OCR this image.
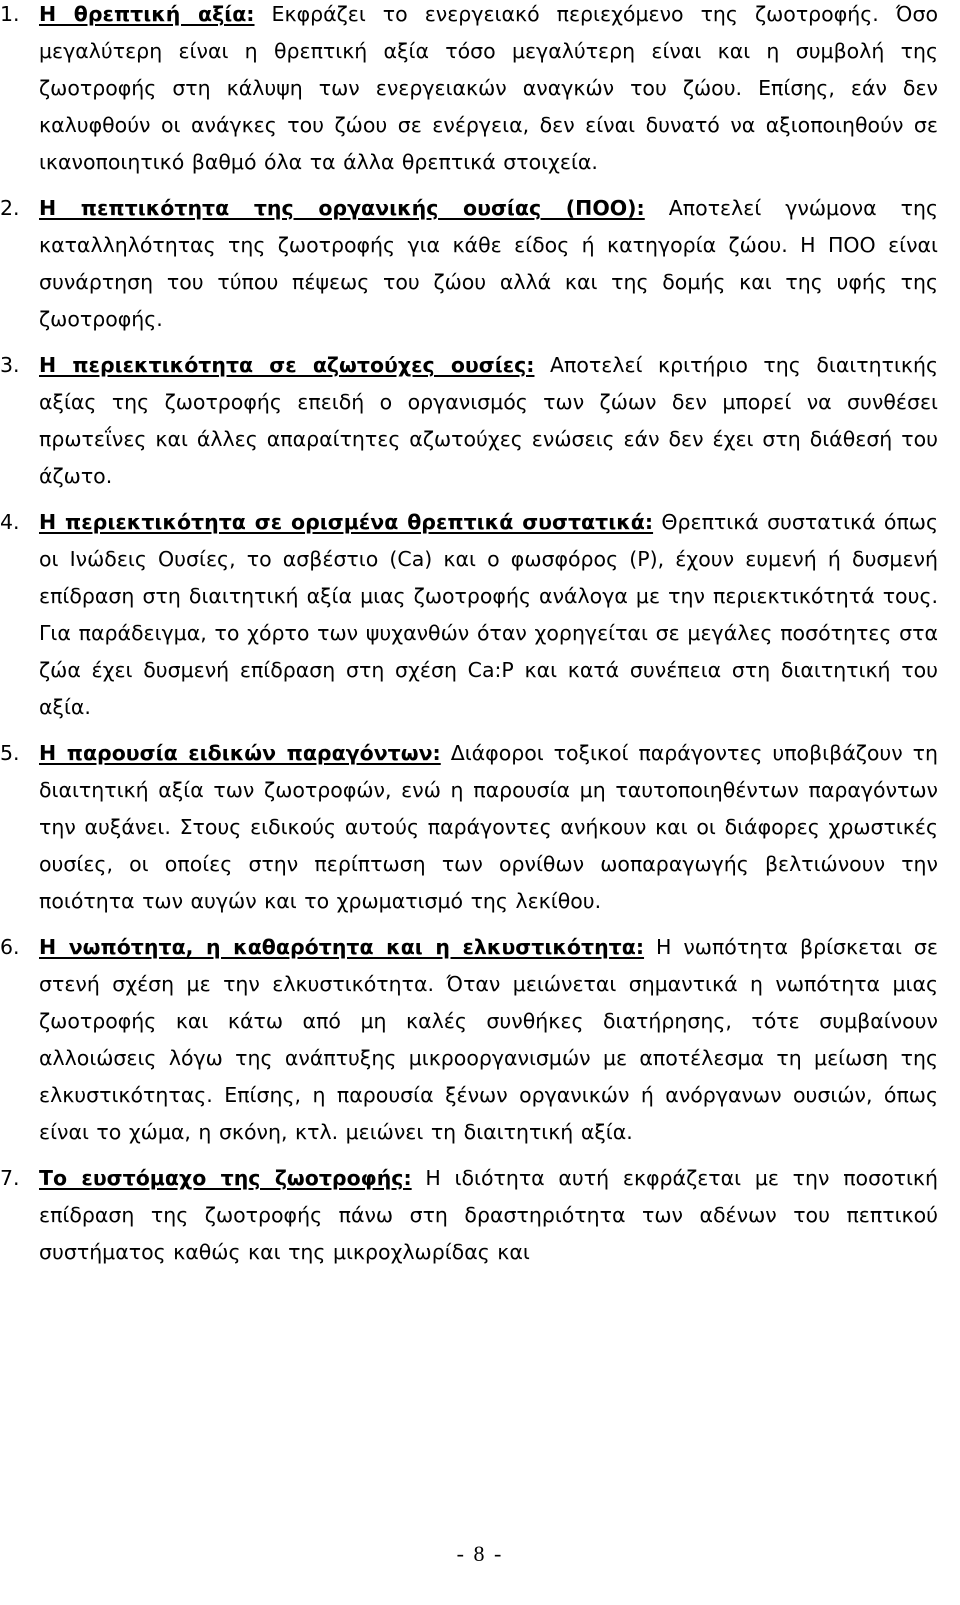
1. Η θρεπτική αξία: Εκφράζει το ενεργειακό περιεχόμενο της ζωοτροφής. Όσο μεγαλύτερη είναι η θρεπτική αξία τόσο μεγαλύτερη είναι και η συμβολή της ζωοτροφής στη κάλυψη των ενεργειακών αναγκών του ζώου. Επίσης, εάν δεν καλυφθούν οι ανάγκες του ζώου σε ενέργεια, δεν είναι δυνατό να αξιοποιηθούν σε ικανοποιητικό βαθμό όλα τα άλλα θρεπτικά στοιχεία.
2. Η πεπτικότητα της οργανικής ουσίας (ΠΟΟ): Αποτελεί γνώμονα της καταλληλότητας της ζωοτροφής για κάθε είδος ή κατηγορία ζώου. Η ΠΟΟ είναι συνάρτηση του τύπου πέψεως του ζώου αλλά και της δομής και της υφής της ζωοτροφής.
3. Η περιεκτικότητα σε αζωτούχες ουσίες: Αποτελεί κριτήριο της διαιτητικής αξίας της ζωοτροφής επειδή ο οργανισμός των ζώων δεν μπορεί να συνθέσει πρωτεΐνες και άλλες απαραίτητες αζωτούχες ενώσεις εάν δεν έχει στη διάθεσή του άζωτο.
4. Η περιεκτικότητα σε ορισμένα θρεπτικά συστατικά: Θρεπτικά συστατικά όπως οι Ινώδεις Ουσίες, το ασβέστιο (Ca) και ο φωσφόρος (P), έχουν ευμενή ή δυσμενή επίδραση στη διαιτητική αξία μιας ζωοτροφής ανάλογα με την περιεκτικότητά τους. Για παράδειγμα, το χόρτο των ψυχανθών όταν χορηγείται σε μεγάλες ποσότητες στα ζώα έχει δυσμενή επίδραση στη σχέση Ca:P και κατά συνέπεια στη διαιτητική του αξία.
5. Η παρουσία ειδικών παραγόντων: Διάφοροι τοξικοί παράγοντες υποβιβάζουν τη διαιτητική αξία των ζωοτροφών, ενώ η παρουσία μη ταυτοποιηθέντων παραγόντων την αυξάνει. Στους ειδικούς αυτούς παράγοντες ανήκουν και οι διάφορες χρωστικές ουσίες, οι οποίες στην περίπτωση των ορνίθων ωοπαραγωγής βελτιώνουν την ποιότητα των αυγών και το χρωματισμό της λεκίθου.
6. Η νωπότητα, η καθαρότητα και η ελκυστικότητα: Η νωπότητα βρίσκεται σε στενή σχέση με την ελκυστικότητα. Όταν μειώνεται σημαντικά η νωπότητα μιας ζωοτροφής και κάτω από μη καλές συνθήκες διατήρησης, τότε συμβαίνουν αλλοιώσεις λόγω της ανάπτυξης μικροοργανισμών με αποτέλεσμα τη μείωση της ελκυστικότητας. Επίσης, η παρουσία ξένων οργανικών ή ανόργανων ουσιών, όπως είναι το χώμα, η σκόνη, κτλ. μειώνει τη διαιτητική αξία.
7. Το ευστόμαχο της ζωοτροφής: Η ιδιότητα αυτή εκφράζεται με την ποσοτική επίδραση της ζωοτροφής πάνω στη δραστηριότητα των αδένων του πεπτικού συστήματος καθώς και της μικροχλωρίδας και
- 8 -
